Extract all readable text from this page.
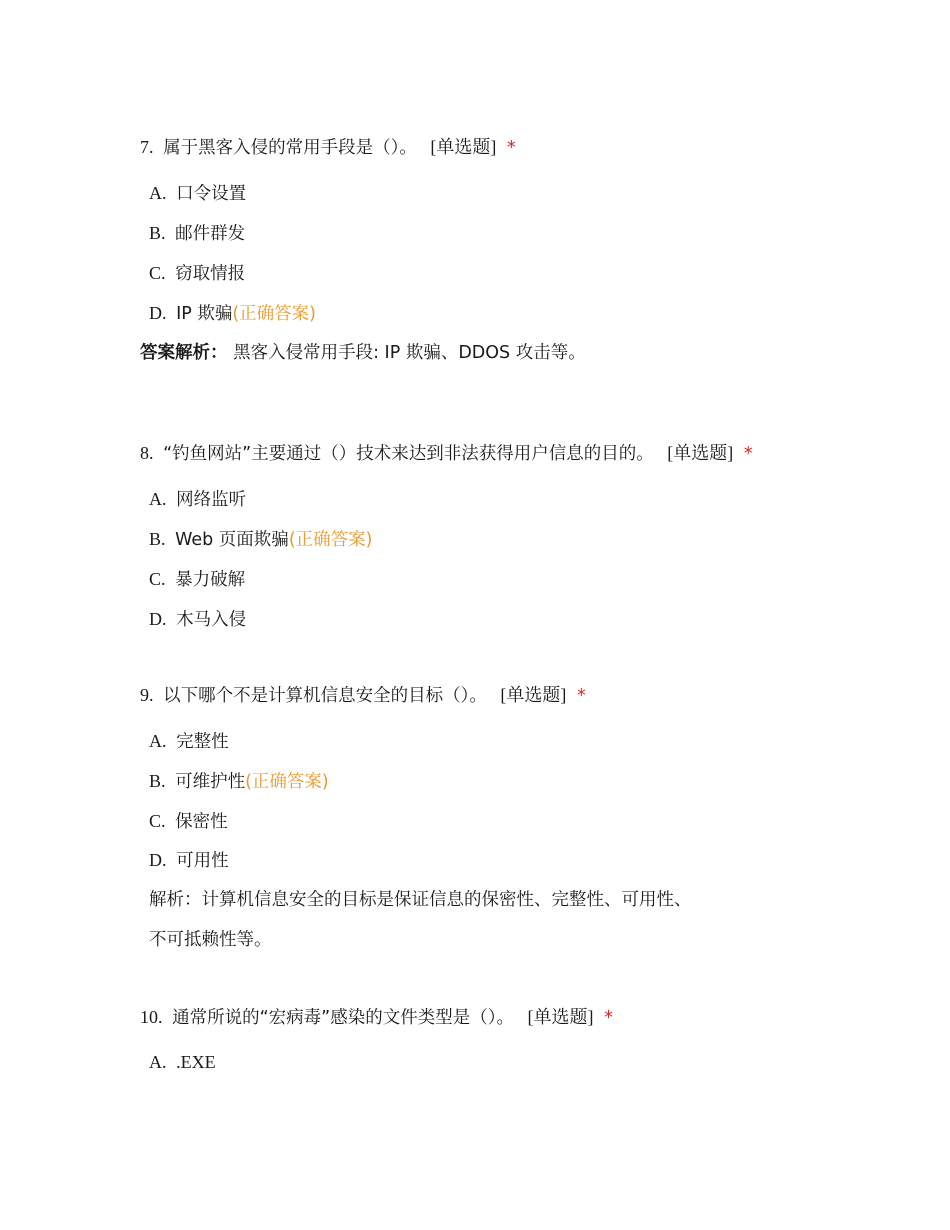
7. 属于黑客入侵的常用手段是（）。 [单选题] *
A. 口令设置
B. 邮件群发
C. 窃取情报
D. IP 欺骗(正确答案)
答案解析： 黑客入侵常用手段: IP 欺骗、DDOS 攻击等。
8. “钓鱼网站”主要通过（）技术来达到非法获得用户信息的目的。 [单选题] *
A. 网络监听
B. Web 页面欺骗(正确答案)
C. 暴力破解
D. 木马入侵
9. 以下哪个不是计算机信息安全的目标（）。 [单选题] *
A. 完整性
B. 可维护性(正确答案)
C. 保密性
D. 可用性
解析：计算机信息安全的目标是保证信息的保密性、完整性、可用性、
不可抵赖性等。
10. 通常所说的“宏病毒”感染的文件类型是（）。 [单选题] *
A. .EXE
